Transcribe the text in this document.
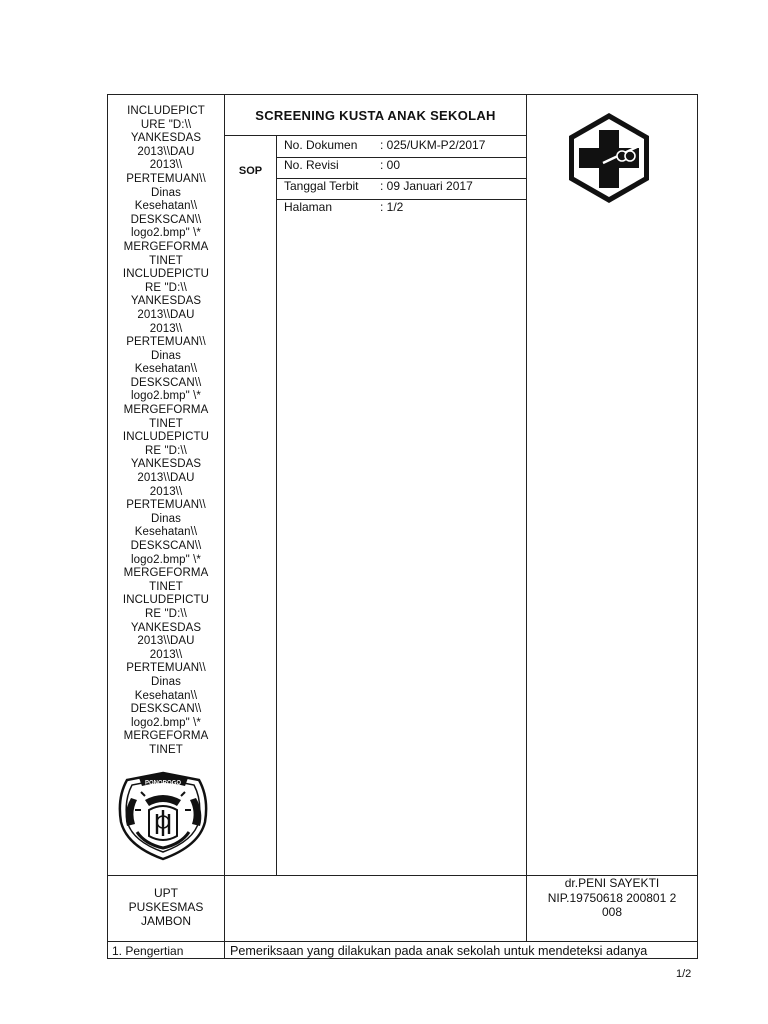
INCLUDEPICT
URE "D:\\
YANKESDAS
2013\\DAU
2013\\
PERTEMUAN\\
Dinas
Kesehatan\\
DESKSCAN\\
logo2.bmp" \*
MERGEFORMA
TINET
INCLUDEPICTU
RE "D:\\
YANKESDAS
2013\\DAU
2013\\
PERTEMUAN\\
Dinas
Kesehatan\\
DESKSCAN\\
logo2.bmp" \*
MERGEFORMA
TINET
INCLUDEPICTU
RE "D:\\
YANKESDAS
2013\\DAU
2013\\
PERTEMUAN\\
Dinas
Kesehatan\\
DESKSCAN\\
logo2.bmp" \*
MERGEFORMA
TINET
INCLUDEPICTU
RE "D:\\
YANKESDAS
2013\\DAU
2013\\
PERTEMUAN\\
Dinas
Kesehatan\\
DESKSCAN\\
logo2.bmp" \*
MERGEFORMA
TINET
PONOROGO
SCREENING KUSTA ANAK SEKOLAH
SOP
No. Dokumen	: 025/UKM-P2/2017
No. Revisi	: 00
Tanggal Terbit	: 09 Januari 2017
Halaman	: 1/2
UPT
PUSKESMAS
JAMBON
dr.PENI SAYEKTI
NIP.19750618 200801 2
008
1. Pengertian	Pemeriksaan yang dilakukan pada anak sekolah untuk mendeteksi adanya
1/2
